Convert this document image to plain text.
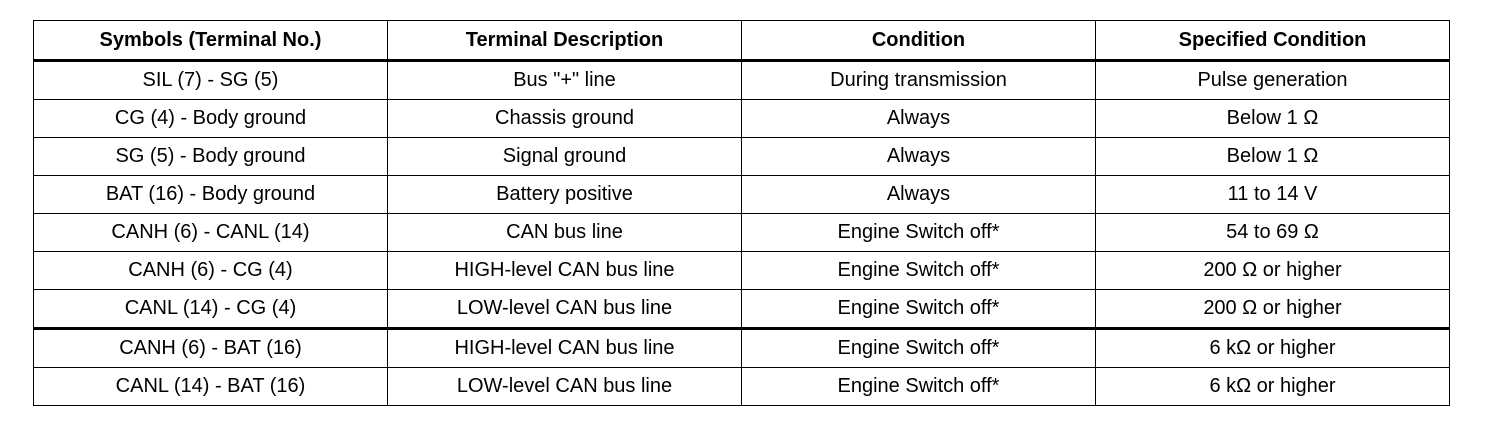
Symbols (Terminal No.)	Terminal Description	Condition	Specified Condition
SIL (7) - SG (5)	Bus "+" line	During transmission	Pulse generation
CG (4) - Body ground	Chassis ground	Always	Below 1 Ω
SG (5) - Body ground	Signal ground	Always	Below 1 Ω
BAT (16) - Body ground	Battery positive	Always	11 to 14 V
CANH (6) - CANL (14)	CAN bus line	Engine Switch off*	54 to 69 Ω
CANH (6) - CG (4)	HIGH-level CAN bus line	Engine Switch off*	200 Ω or higher
CANL (14) - CG (4)	LOW-level CAN bus line	Engine Switch off*	200 Ω or higher
CANH (6) - BAT (16)	HIGH-level CAN bus line	Engine Switch off*	6 kΩ or higher
CANL (14) - BAT (16)	LOW-level CAN bus line	Engine Switch off*	6 kΩ or higher
